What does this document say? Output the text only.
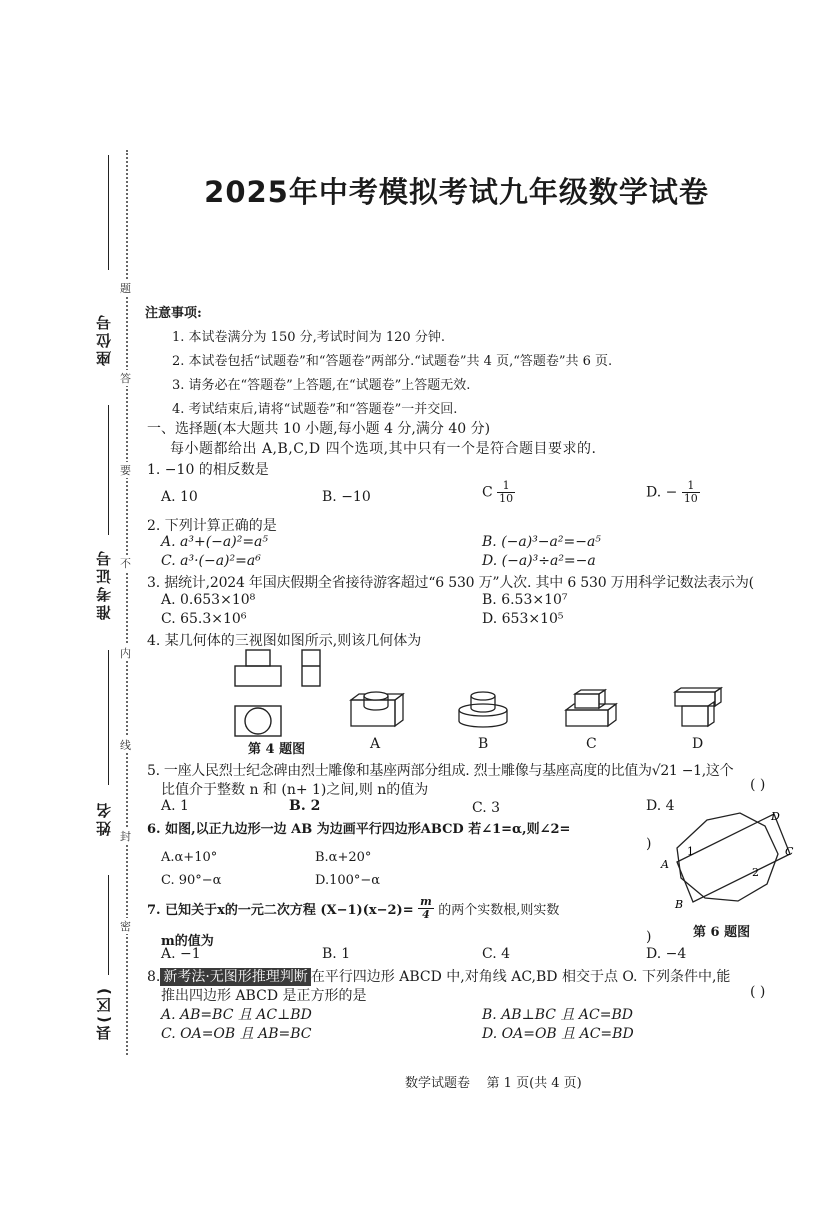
座位号
准考证号
姓名
县(区)
题
答
要
不
内
线
封
密
2025年中考模拟考试九年级数学试卷
注意事项:
1. 本试卷满分为 150 分,考试时间为 120 分钟.
2. 本试卷包括“试题卷”和“答题卷”两部分.“试题卷”共 4 页,“答题卷”共 6 页.
3. 请务必在“答题卷”上答题,在“试题卷”上答题无效.
4. 考试结束后,请将“试题卷”和“答题卷”一并交回.
一、选择题(本大题共 10 小题,每小题 4 分,满分 40 分)
每小题都给出 A,B,C,D 四个选项,其中只有一个是符合题目要求的.
1. −10 的相反数是
A. 10	B. −10	C $\frac{1}{10}$	D. − $\frac{1}{10}$
2. 下列计算正确的是
A. a³+(−a)²=a⁵	B. (−a)³−a²=−a⁵
C. a³·(−a)²=a⁶	D. (−a)³÷a²=−a
3. 据统计,2024 年国庆假期全省接待游客超过“6 530 万”人次. 其中 6 530 万用科学记数法表示为(
A. 0.653×10⁸	B. 6.53×10⁷
C. 65.3×10⁶	D. 653×10⁵
4. 某几何体的三视图如图所示,则该几何体为
第 4 题图	A	B	C	D
5. 一座人民烈士纪念碑由烈士雕像和基座两部分组成. 烈士雕像与基座高度的比值为√21 −1,这个
比值介于整数 n 和 (n+ 1)之间,则 n的值为	( )
A. 1	B. 2	C. 3	D. 4
6. 如图,以正九边形一边 AB 为边画平行四边形ABCD 若∠1=α,则∠2=
)
A.α+10°	B.α+20°
C. 90°−α	D.100°−α
A
B
C
D
1
2
第 6 题图
7. 已知关于x的一元二次方程 $(X-1)(x-2)= \frac{m}{4}$ 的两个实数根,则实数
m的值为	)
A. −1	B. 1	C. 4	D. −4
8. 新考法·无图形推理判断 在平行四边形 ABCD 中,对角线 AC,BD 相交于点 O. 下列条件中,能
推出四边形 ABCD 是正方形的是	( )
A. AB=BC 且 AC⊥BD	B. AB⊥BC 且 AC=BD
C. OA=OB 且 AB=BC	D. OA=OB 且 AC=BD
数学试题卷    第 1 页(共 4 页)
